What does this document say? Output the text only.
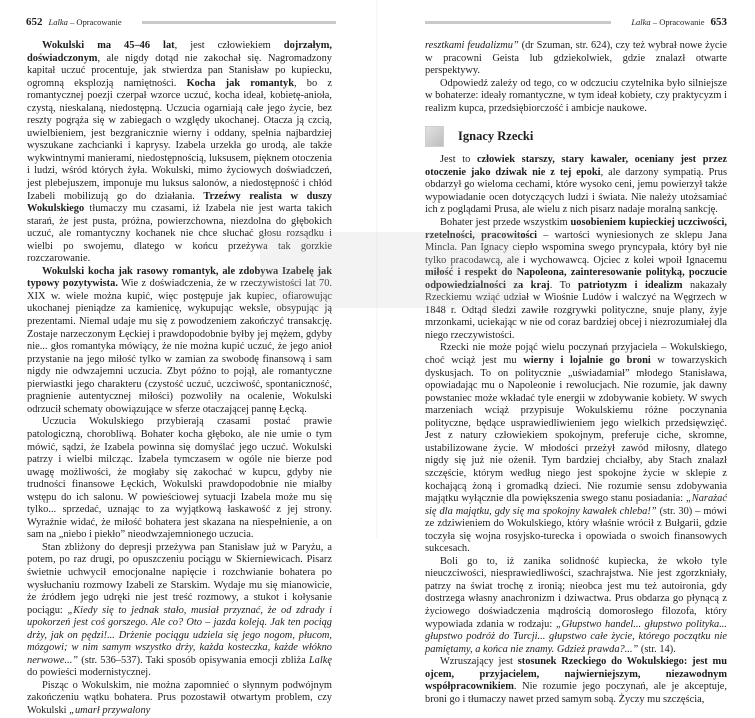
652 Lalka – Opracowanie

Wokulski ma 45–46 lat, jest człowiekiem dojrzałym, doświadczonym, ale nigdy dotąd nie zakochał się. Nagromadzony kapitał uczuć procentuje, jak stwierdza pan Stanisław po kupiecku, ogromną eksplozją namiętności. Kocha jak romantyk, bo z romantycznej poezji czerpał wzorce uczuć, kocha ideał, kobietę-anioła, czystą, nieskalaną, niedostępną. Uczucia ogarniają całe jego życie, bez reszty pogrąża się w zabiegach o względy ukochanej. Otacza ją czcią, uwielbieniem, jest bezgranicznie wierny i oddany, spełnia najbardziej wyszukane zachcianki i kaprysy. Izabela urzekła go urodą, ale także wykwintnymi manierami, niedostępnością, luksusem, pięknem otoczenia i ludzi, wśród których żyła. Wokulski, mimo życiowych doświadczeń, jest plebejuszem, imponuje mu luksus salonów, a niedostępność i chłód Izabeli mobilizują go do działania. Trzeźwy realista w duszy Wokulskiego tłumaczy mu czasami, iż Izabela nie jest warta takich starań, że jest pusta, próżna, powierzchowna, niezdolna do głębokich uczuć, ale romantyczny kochanek nie chce słuchać głosu rozsądku i wielbi po swojemu, dlatego w końcu przeżywa tak gorzkie rozczarowanie.

Wokulski kocha jak rasowy romantyk, ale zdobywa Izabelę jak typowy pozytywista. Wie z doświadczenia, że w rzeczywistości lat 70. XIX w. wiele można kupić, więc postępuje jak kupiec, ofiarowując ukochanej pieniądze za kamienicę, wykupując weksle, obsypując ją prezentami. Niemal udaje mu się z powodzeniem zakończyć transakcję. Zostaje narzeczonym Łęckiej i prawdopodobnie byłby jej mężem, gdyby nie... głos romantyka mówiący, że nie można kupić uczuć, że jego anioł przystanie na jego miłość tylko w zamian za swobodę finansową i sam nigdy nie odwzajemni uczucia. Zbyt późno to pojął, ale romantyczne pierwiastki jego charakteru (czystość uczuć, uczciwość, spontaniczność, pragnienie autentycznej miłości) pozwoliły na ocalenie, Wokulski odrzucił schematy obowiązujące w sferze otaczającej pannę Łęcką.

Uczucia Wokulskiego przybierają czasami postać prawie patologiczną, chorobliwą. Bohater kocha głęboko, ale nie umie o tym mówić, sądzi, że Izabela powinna się domyślać jego uczuć. Wokulski patrzy i wielbi milcząc. Izabela tymczasem w ogóle nie bierze pod uwagę możliwości, że mogłaby się zakochać w kupcu, gdyby nie trudności finansowe Łęckich, Wokulski prawdopodobnie nie miałby wstępu do ich salonu. W powieściowej sytuacji Izabela może mu się tylko... sprzedać, uznając to za wyjątkową łaskawość z jej strony. Wyraźnie widać, że miłość bohatera jest skazana na niespełnienie, a on sam na „niebo i piekło” nieodwzajemnionego uczucia.

Stan zbliżony do depresji przeżywa pan Stanisław już w Paryżu, a potem, po raz drugi, po opuszczeniu pociągu w Skierniewicach. Pisarz świetnie uchwycił emocjonalne napięcie i rozchwianie bohatera po wysłuchaniu rozmowy Izabeli ze Starskim. Wydaje mu się mianowicie, że źródłem jego udręki nie jest treść rozmowy, a stukot i kołysanie pociągu: „Kiedy się to jednak stało, musiał przyznać, że od zdrady i upokorzeń jest coś gorszego. Ale co? Oto – jazda koleją. Jak ten pociąg drży, jak on pędzi!... Drżenie pociągu udziela się jego nogom, płucom, mózgowi; w nim samym wszystko drży, każda kosteczka, każde włókno nerwowe...” (str. 536–537). Taki sposób opisywania emocji zbliża Lalkę do powieści modernistycznej.

Pisząc o Wokulskim, nie można zapomnieć o słynnym podwójnym zakończeniu wątku bohatera. Prus pozostawił otwartym problem, czy Wokulski „umarł przywalony

Lalka – Opracowanie 653

resztkami feudalizmu” (dr Szuman, str. 624), czy też wybrał nowe życie w pracowni Geista lub gdziekolwiek, gdzie znalazł otwarte perspektywy.

Odpowiedź zależy od tego, co w odczuciu czytelnika było silniejsze w bohaterze: ideały romantyczne, w tym ideał kobiety, czy praktycyzm i realizm kupca, przedsiębiorczość i ambicje naukowe.

Ignacy Rzecki

Jest to człowiek starszy, stary kawaler, oceniany jest przez otoczenie jako dziwak nie z tej epoki, ale darzony sympatią. Prus obdarzył go wieloma cechami, które wysoko ceni, jemu powierzył także wypowiadanie ocen dotyczących ludzi i świata. Nie należy utożsamiać ich z poglądami Prusa, ale wielu z nich pisarz nadaje moralną sankcję.

Bohater jest przede wszystkim uosobieniem kupieckiej uczciwości, rzetelności, pracowitości – wartości wyniesionych ze sklepu Jana Mincla. Pan Ignacy ciepło wspomina swego pryncypała, który był nie tylko pracodawcą, ale i wychowawcą. Ojciec z kolei wpoił Ignacemu miłość i respekt do Napoleona, zainteresowanie polityką, poczucie odpowiedzialności za kraj. To patriotyzm i idealizm nakazały Rzeckiemu wziąć udział w Wiośnie Ludów i walczyć na Węgrzech w 1848 r. Odtąd śledzi zawiłe rozgrywki polityczne, snuje plany, żyje mrzonkami, uciekając w nie od coraz bardziej obcej i niezrozumiałej dla niego rzeczywistości.

Rzecki nie może pojąć wielu poczynań przyjaciela – Wokulskiego, choć wciąż jest mu wierny i lojalnie go broni w towarzyskich dyskusjach. To on politycznie „uświadamiał” młodego Stanisława, opowiadając mu o Napoleonie i rewolucjach. Nie rozumie, jak dawny powstaniec może wkładać tyle energii w zdobywanie kobiety. W swych marzeniach wciąż przypisuje Wokulskiemu różne poczynania polityczne, będące usprawiedliwieniem jego wielkich przedsięwzięć. Jest z natury człowiekiem spokojnym, preferuje ciche, skromne, ustabilizowane życie. W młodości przeżył zawód miłosny, dlatego nigdy się już nie ożenił. Tym bardziej chciałby, aby Stach znalazł szczęście, którym według niego jest spokojne życie w sklepie z kochającą żoną i gromadką dzieci. Nie rozumie sensu zdobywania majątku wyłącznie dla powiększenia swego stanu posiadania: „Narażać się dla majątku, gdy się ma spokojny kawałek chleba!” (str. 30) – mówi ze zdziwieniem do Wokulskiego, który właśnie wrócił z Bułgarii, gdzie toczyła się wojna rosyjsko-turecka i opowiada o swoich finansowych sukcesach.

Boli go to, iż zanika solidność kupiecka, że wkoło tyle nieuczciwości, niesprawiedliwości, szachrajstwa. Nie jest zgorzkniały, patrzy na świat trochę z ironią; nieobca jest mu też autoironia, gdy dostrzega własny anachronizm i dziwactwa. Prus obdarza go płynącą z życiowego doświadczenia mądrością domorosłego filozofa, który wypowiada zdania w rodzaju: „Głupstwo handel... głupstwo polityka... głupstwo podróż do Turcji... głupstwo całe życie, którego początku nie pamiętamy, a końca nie znamy. Gdzież prawda?...” (str. 14).

Wzruszający jest stosunek Rzeckiego do Wokulskiego: jest mu ojcem, przyjacielem, najwierniejszym, niezawodnym współpracownikiem. Nie rozumie jego poczynań, ale je akceptuje, broni go i tłumaczy nawet przed samym sobą. Życzy mu szczęścia,
